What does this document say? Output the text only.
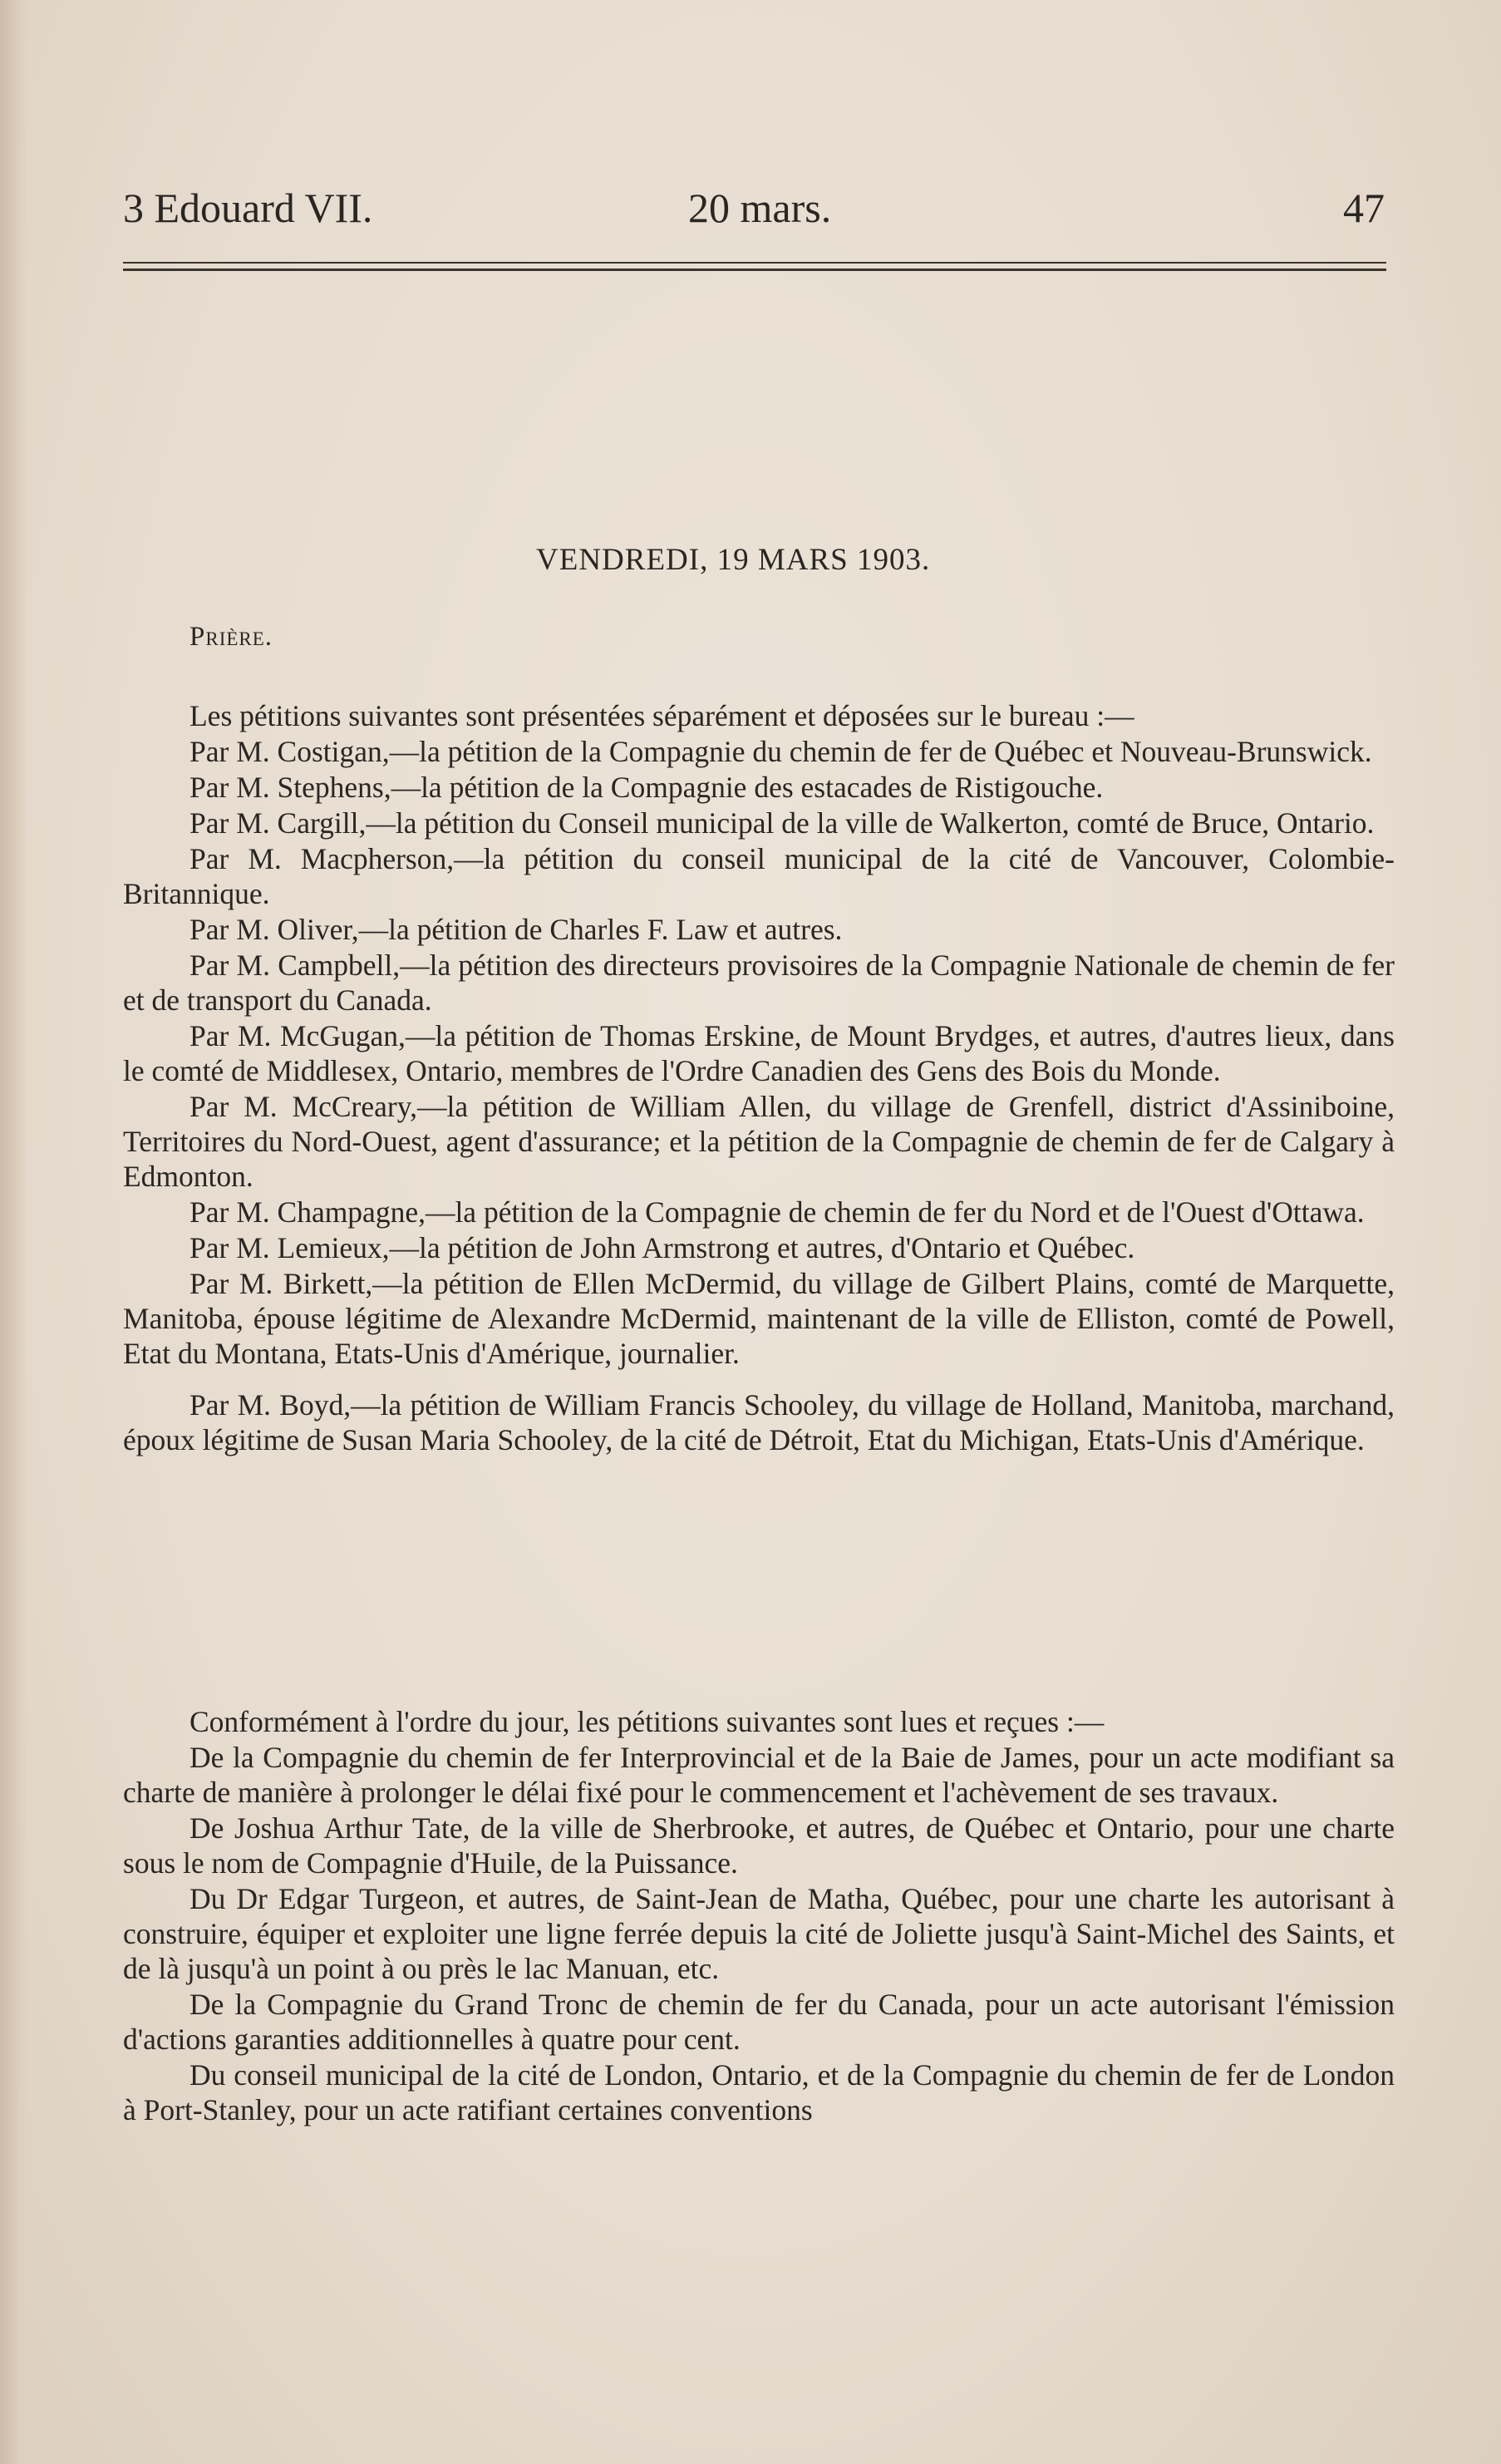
3 Edouard VII.	20 mars.	47
VENDREDI, 19 MARS 1903.
Prière.

Les pétitions suivantes sont présentées séparément et déposées sur le bureau :—

Par M. Costigan,—la pétition de la Compagnie du chemin de fer de Québec et Nouveau-Brunswick.

Par M. Stephens,—la pétition de la Compagnie des estacades de Ristigouche.

Par M. Cargill,—la pétition du Conseil municipal de la ville de Walkerton, comté de Bruce, Ontario.

Par M. Macpherson,—la pétition du conseil municipal de la cité de Vancouver, Colombie-Britannique.

Par M. Oliver,—la pétition de Charles F. Law et autres.

Par M. Campbell,—la pétition des directeurs provisoires de la Compagnie Nationale de chemin de fer et de transport du Canada.

Par M. McGugan,—la pétition de Thomas Erskine, de Mount Brydges, et autres, d'autres lieux, dans le comté de Middlesex, Ontario, membres de l'Ordre Canadien des Gens des Bois du Monde.

Par M. McCreary,—la pétition de William Allen, du village de Grenfell, district d'Assiniboine, Territoires du Nord-Ouest, agent d'assurance; et la pétition de la Compagnie de chemin de fer de Calgary à Edmonton.

Par M. Champagne,—la pétition de la Compagnie de chemin de fer du Nord et de l'Ouest d'Ottawa.

Par M. Lemieux,—la pétition de John Armstrong et autres, d'Ontario et Québec.

Par M. Birkett,—la pétition de Ellen McDermid, du village de Gilbert Plains, comté de Marquette, Manitoba, épouse légitime de Alexandre McDermid, maintenant de la ville de Elliston, comté de Powell, Etat du Montana, Etats-Unis d'Amérique, journalier.

Par M. Boyd,—la pétition de William Francis Schooley, du village de Holland, Manitoba, marchand, époux légitime de Susan Maria Schooley, de la cité de Détroit, Etat du Michigan, Etats-Unis d'Amérique.

Conformément à l'ordre du jour, les pétitions suivantes sont lues et reçues :—

De la Compagnie du chemin de fer Interprovincial et de la Baie de James, pour un acte modifiant sa charte de manière à prolonger le délai fixé pour le commencement et l'achèvement de ses travaux.

De Joshua Arthur Tate, de la ville de Sherbrooke, et autres, de Québec et Ontario, pour une charte sous le nom de Compagnie d'Huile, de la Puissance.

Du Dr Edgar Turgeon, et autres, de Saint-Jean de Matha, Québec, pour une charte les autorisant à construire, équiper et exploiter une ligne ferrée depuis la cité de Joliette jusqu'à Saint-Michel des Saints, et de là jusqu'à un point à ou près le lac Manuan, etc.

De la Compagnie du Grand Tronc de chemin de fer du Canada, pour un acte autorisant l'émission d'actions garanties additionnelles à quatre pour cent.

Du conseil municipal de la cité de London, Ontario, et de la Compagnie du chemin de fer de London à Port-Stanley, pour un acte ratifiant certaines conventions
